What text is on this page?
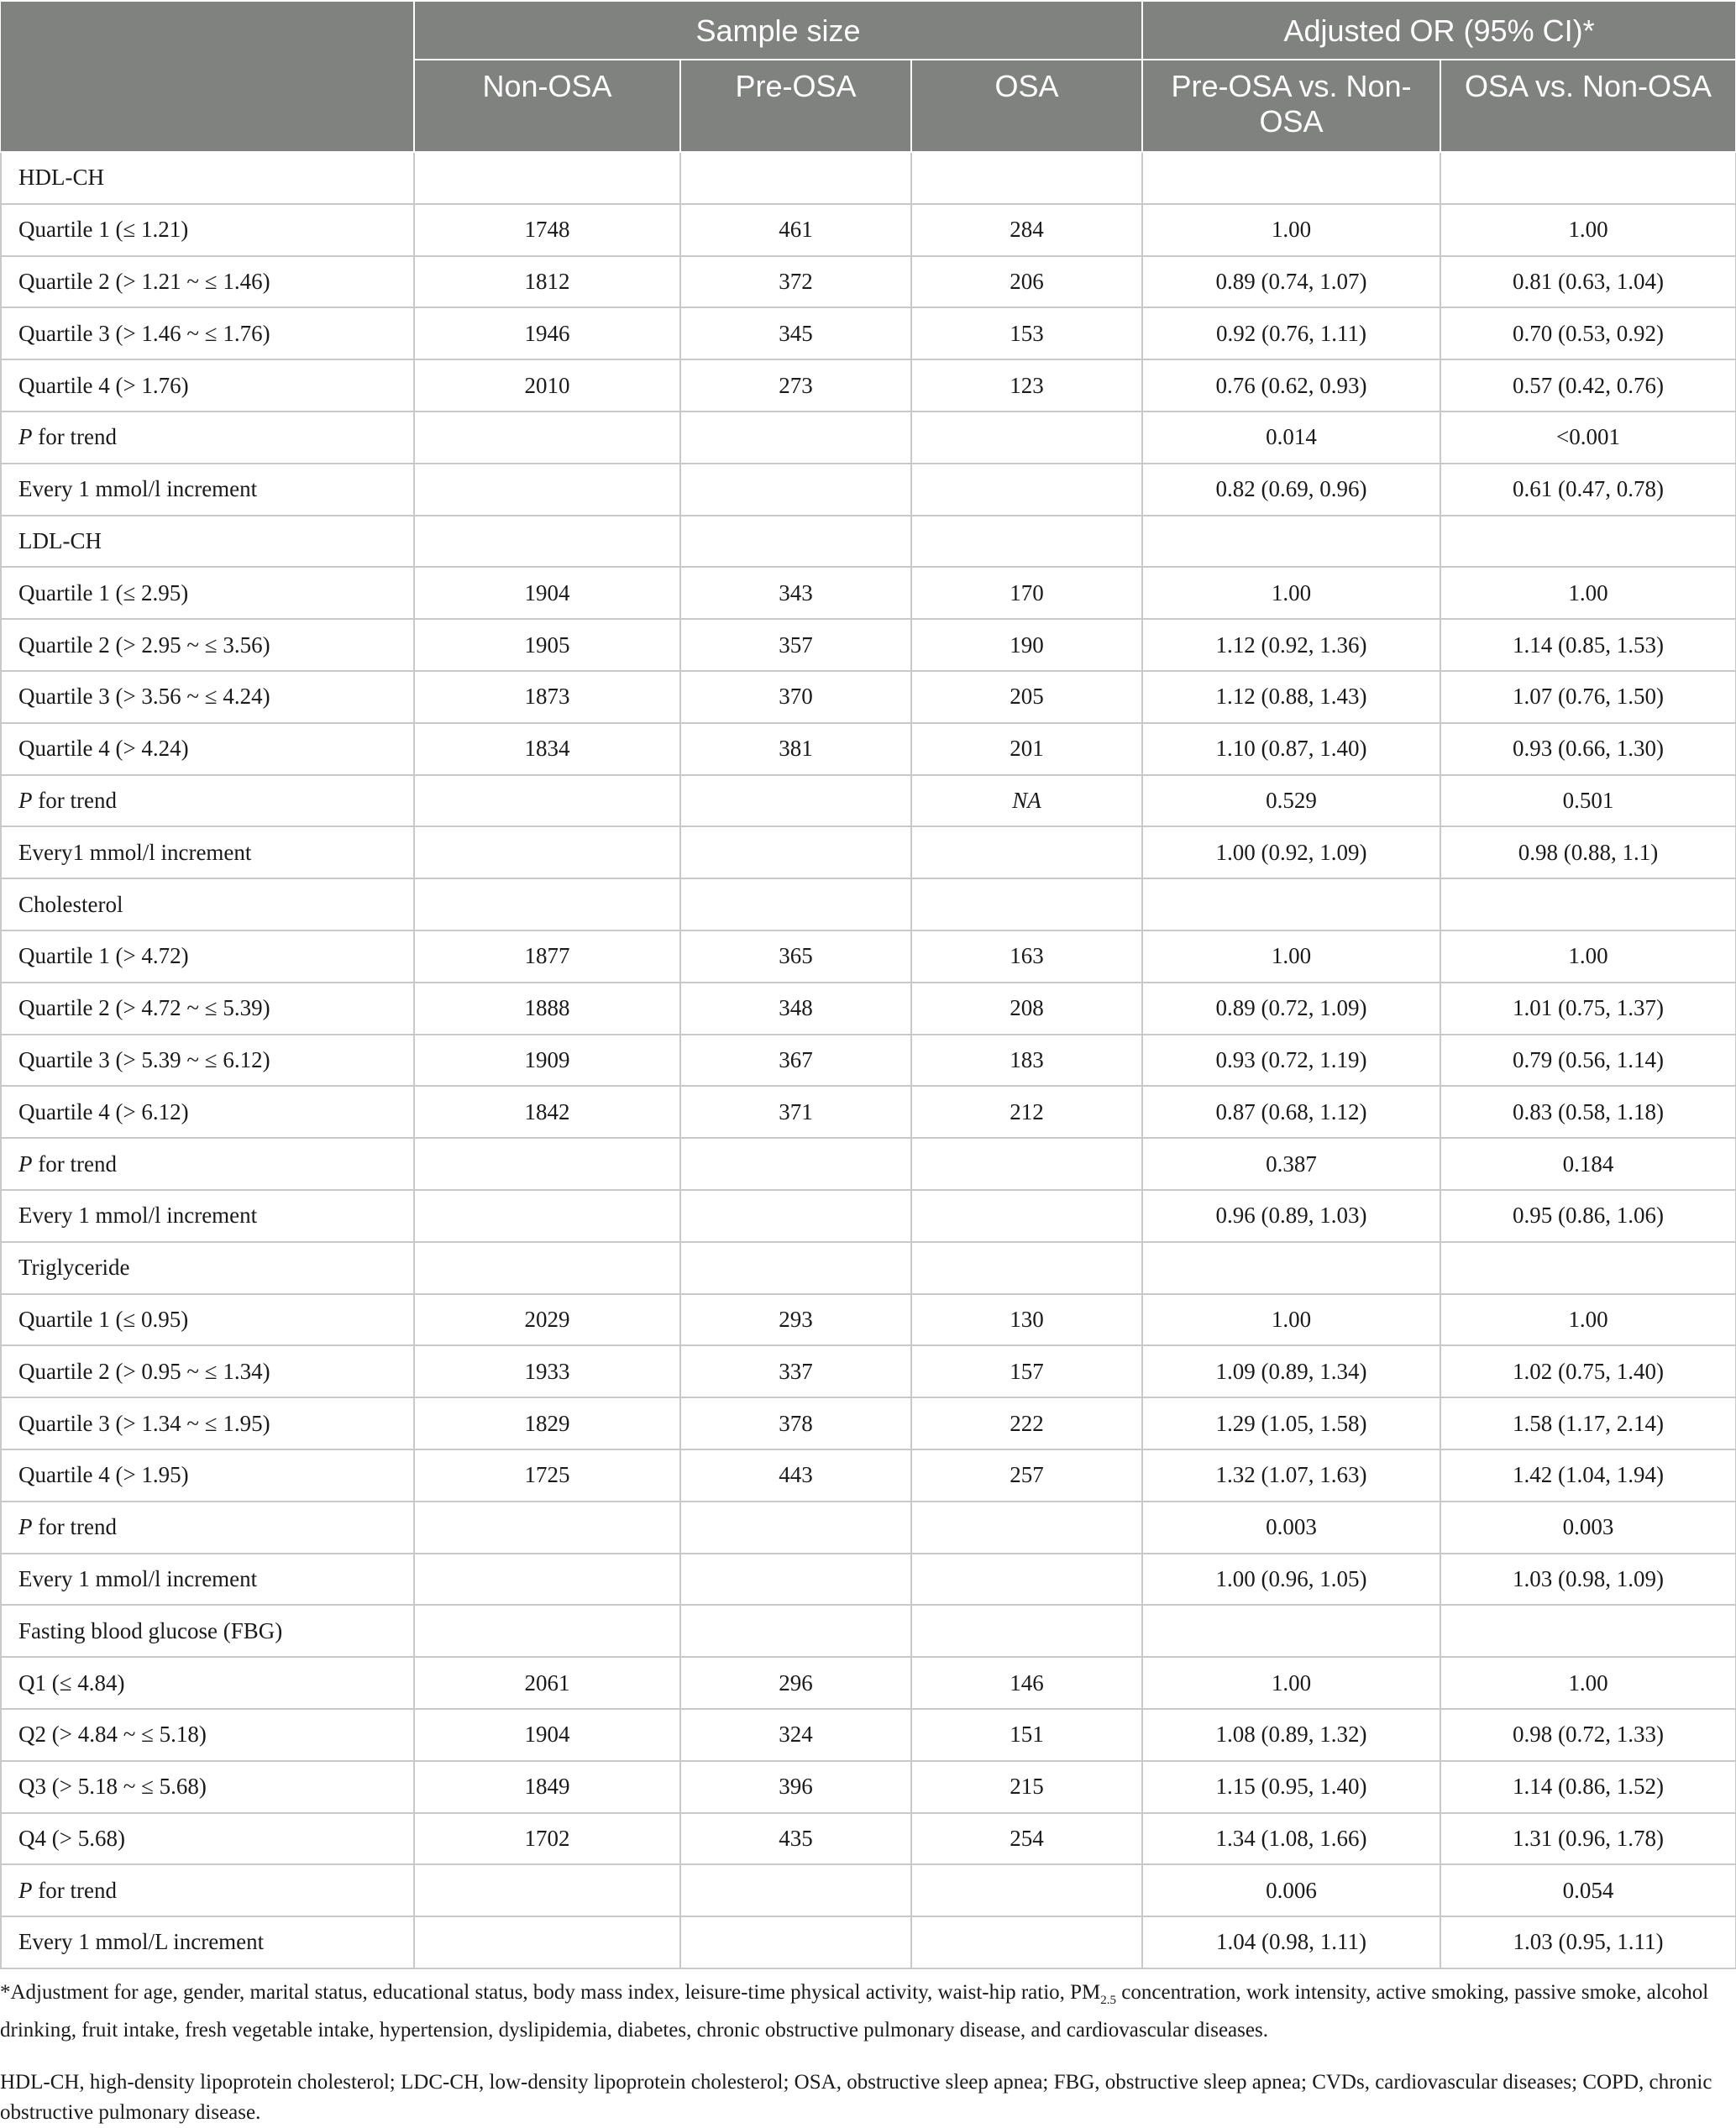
	Sample size			Adjusted OR (95% CI)*	
	Non-OSA	Pre-OSA	OSA	Pre-OSA vs. Non-OSA	OSA vs. Non-OSA
HDL-CH					
Quartile 1 (≤ 1.21)	1748	461	284	1.00	1.00
Quartile 2 (> 1.21 ~ ≤ 1.46)	1812	372	206	0.89 (0.74, 1.07)	0.81 (0.63, 1.04)
Quartile 3 (> 1.46 ~ ≤ 1.76)	1946	345	153	0.92 (0.76, 1.11)	0.70 (0.53, 0.92)
Quartile 4 (> 1.76)	2010	273	123	0.76 (0.62, 0.93)	0.57 (0.42, 0.76)
P for trend				0.014	<0.001
Every 1 mmol/l increment				0.82 (0.69, 0.96)	0.61 (0.47, 0.78)
LDL-CH					
Quartile 1 (≤ 2.95)	1904	343	170	1.00	1.00
Quartile 2 (> 2.95 ~ ≤ 3.56)	1905	357	190	1.12 (0.92, 1.36)	1.14 (0.85, 1.53)
Quartile 3 (> 3.56 ~ ≤ 4.24)	1873	370	205	1.12 (0.88, 1.43)	1.07 (0.76, 1.50)
Quartile 4 (> 4.24)	1834	381	201	1.10 (0.87, 1.40)	0.93 (0.66, 1.30)
P for trend			NA	0.529	0.501
Every1 mmol/l increment				1.00 (0.92, 1.09)	0.98 (0.88, 1.1)
Cholesterol					
Quartile 1 (> 4.72)	1877	365	163	1.00	1.00
Quartile 2 (> 4.72 ~ ≤ 5.39)	1888	348	208	0.89 (0.72, 1.09)	1.01 (0.75, 1.37)
Quartile 3 (> 5.39 ~ ≤ 6.12)	1909	367	183	0.93 (0.72, 1.19)	0.79 (0.56, 1.14)
Quartile 4 (> 6.12)	1842	371	212	0.87 (0.68, 1.12)	0.83 (0.58, 1.18)
P for trend				0.387	0.184
Every 1 mmol/l increment				0.96 (0.89, 1.03)	0.95 (0.86, 1.06)
Triglyceride					
Quartile 1 (≤ 0.95)	2029	293	130	1.00	1.00
Quartile 2 (> 0.95 ~ ≤ 1.34)	1933	337	157	1.09 (0.89, 1.34)	1.02 (0.75, 1.40)
Quartile 3 (> 1.34 ~ ≤ 1.95)	1829	378	222	1.29 (1.05, 1.58)	1.58 (1.17, 2.14)
Quartile 4 (> 1.95)	1725	443	257	1.32 (1.07, 1.63)	1.42 (1.04, 1.94)
P for trend				0.003	0.003
Every 1 mmol/l increment				1.00 (0.96, 1.05)	1.03 (0.98, 1.09)
Fasting blood glucose (FBG)					
Q1 (≤ 4.84)	2061	296	146	1.00	1.00
Q2 (> 4.84 ~ ≤ 5.18)	1904	324	151	1.08 (0.89, 1.32)	0.98 (0.72, 1.33)
Q3 (> 5.18 ~ ≤ 5.68)	1849	396	215	1.15 (0.95, 1.40)	1.14 (0.86, 1.52)
Q4 (> 5.68)	1702	435	254	1.34 (1.08, 1.66)	1.31 (0.96, 1.78)
P for trend				0.006	0.054
Every 1 mmol/L increment				1.04 (0.98, 1.11)	1.03 (0.95, 1.11)

*Adjustment for age, gender, marital status, educational status, body mass index, leisure-time physical activity, waist-hip ratio, $PM_{2.5}$ concentration, work intensity, active smoking, passive smoke, alcohol drinking, fruit intake, fresh vegetable intake, hypertension, dyslipidemia, diabetes, chronic obstructive pulmonary disease, and cardiovascular diseases.

HDL-CH, high-density lipoprotein cholesterol; LDC-CH, low-density lipoprotein cholesterol; OSA, obstructive sleep apnea; FBG, obstructive sleep apnea; CVDs, cardiovascular diseases; COPD, chronic obstructive pulmonary disease.
